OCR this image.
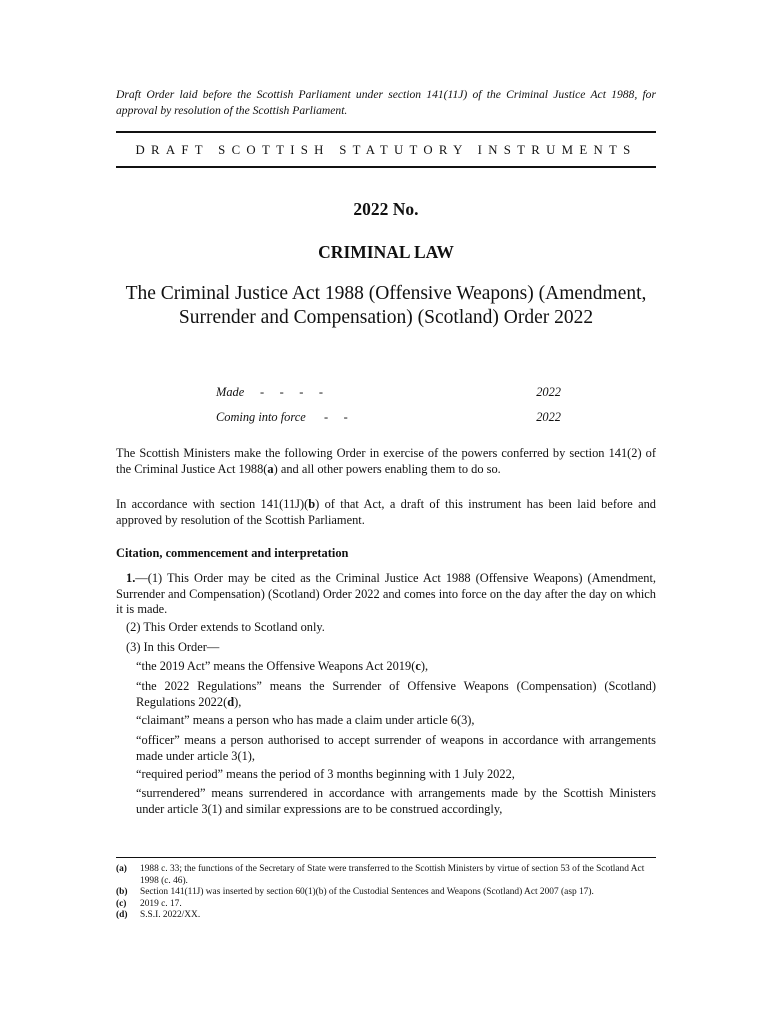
Draft Order laid before the Scottish Parliament under section 141(11J) of the Criminal Justice Act 1988, for approval by resolution of the Scottish Parliament.
DRAFT SCOTTISH STATUTORY INSTRUMENTS
2022 No.
CRIMINAL LAW
The Criminal Justice Act 1988 (Offensive Weapons) (Amendment, Surrender and Compensation) (Scotland) Order 2022
Made -     -     -     -	2022
Coming into force -     -	2022
The Scottish Ministers make the following Order in exercise of the powers conferred by section 141(2) of the Criminal Justice Act 1988(a) and all other powers enabling them to do so.
In accordance with section 141(11J)(b) of that Act, a draft of this instrument has been laid before and approved by resolution of the Scottish Parliament.
Citation, commencement and interpretation
1.—(1) This Order may be cited as the Criminal Justice Act 1988 (Offensive Weapons) (Amendment, Surrender and Compensation) (Scotland) Order 2022 and comes into force on the day after the day on which it is made.
(2) This Order extends to Scotland only.
(3) In this Order—
“the 2019 Act” means the Offensive Weapons Act 2019(c),
“the 2022 Regulations” means the Surrender of Offensive Weapons (Compensation) (Scotland) Regulations 2022(d),
“claimant” means a person who has made a claim under article 6(3),
“officer” means a person authorised to accept surrender of weapons in accordance with arrangements made under article 3(1),
“required period” means the period of 3 months beginning with 1 July 2022,
“surrendered” means surrendered in accordance with arrangements made by the Scottish Ministers under article 3(1) and similar expressions are to be construed accordingly,
(a) 1988 c. 33; the functions of the Secretary of State were transferred to the Scottish Ministers by virtue of section 53 of the Scotland Act 1998 (c. 46).
(b) Section 141(11J) was inserted by section 60(1)(b) of the Custodial Sentences and Weapons (Scotland) Act 2007 (asp 17).
(c) 2019 c. 17.
(d) S.S.I. 2022/XX.
